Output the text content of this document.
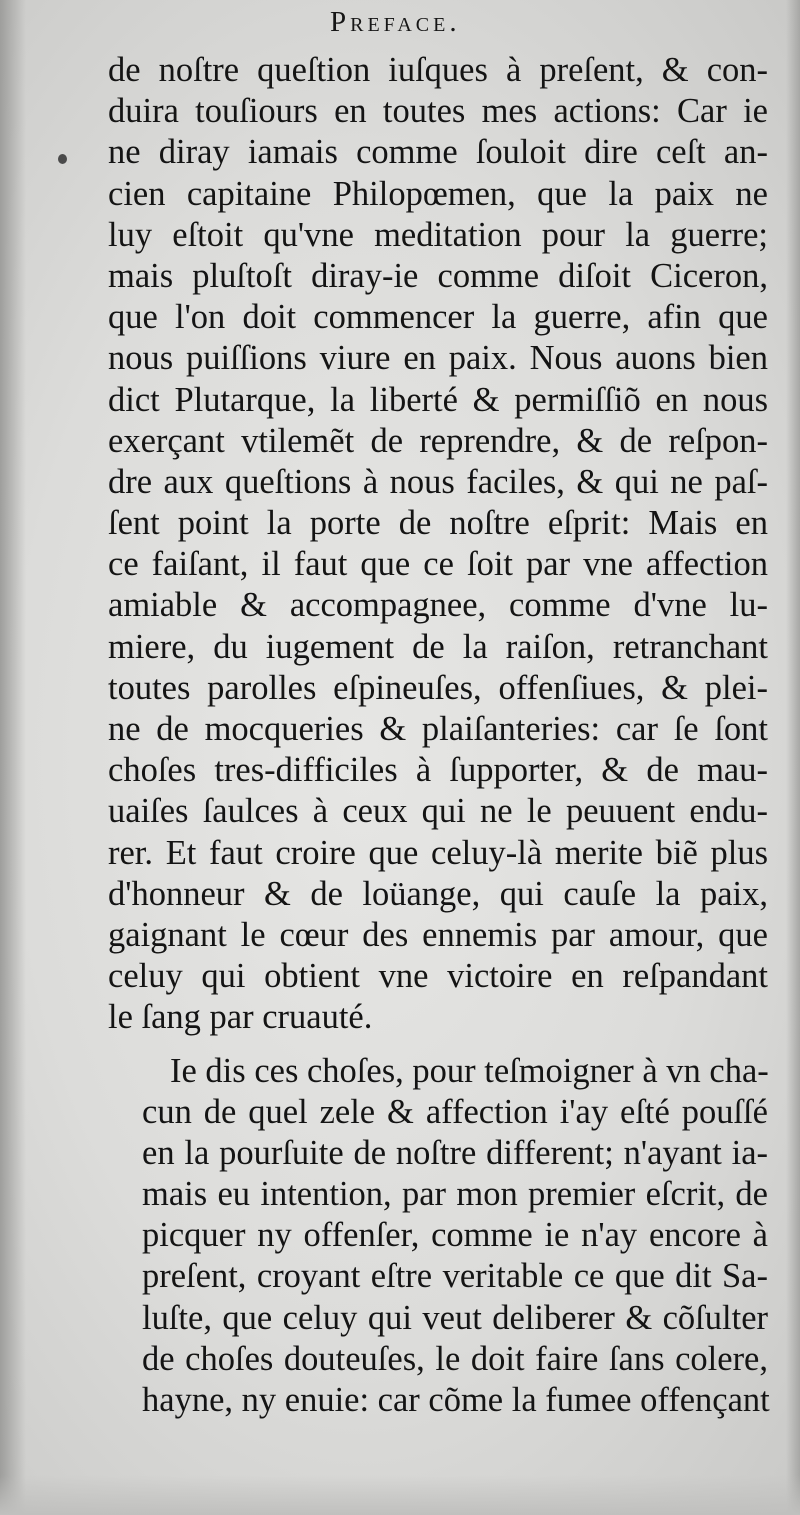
Preface.
de noſtre queſtion iuſques à preſent, & con-
duira touſiours en toutes mes actions: Car ie
ne diray iamais comme ſouloit dire ceſt an-
cien capitaine Philopœmen, que la paix ne
luy eſtoit qu'vne meditation pour la guerre;
mais pluſtoſt diray-ie comme diſoit Ciceron,
que l'on doit commencer la guerre, afin que
nous puiſſions viure en paix. Nous auons bien
dict Plutarque, la liberté & permiſſiõ en nous
exerçant vtilemẽt de reprendre, & de reſpon-
dre aux queſtions à nous faciles, & qui ne paſ-
ſent point la porte de noſtre eſprit: Mais en
ce faiſant, il faut que ce ſoit par vne affection
amiable & accompagnee, comme d'vne lu-
miere, du iugement de la raiſon, retranchant
toutes parolles eſpineuſes, offenſiues, & plei-
ne de mocqueries & plaiſanteries: car ſe ſont
choſes tres-difficiles à ſupporter, & de mau-
uaiſes ſaulces à ceux qui ne le peuuent endu-
rer. Et faut croire que celuy-là merite biẽ plus
d'honneur & de loüange, qui cauſe la paix,
gaignant le cœur des ennemis par amour, que
celuy qui obtient vne victoire en reſpandant
le ſang par cruauté.
Ie dis ces choſes, pour teſmoigner à vn cha-
cun de quel zele & affection i'ay eſté pouſſé
en la pourſuite de noſtre different; n'ayant ia-
mais eu intention, par mon premier eſcrit, de
picquer ny offenſer, comme ie n'ay encore à
preſent, croyant eſtre veritable ce que dit Sa-
luſte, que celuy qui veut deliberer & cõſulter
de choſes douteuſes, le doit faire ſans colere,
hayne, ny enuie: car cõme la fumee offençant
